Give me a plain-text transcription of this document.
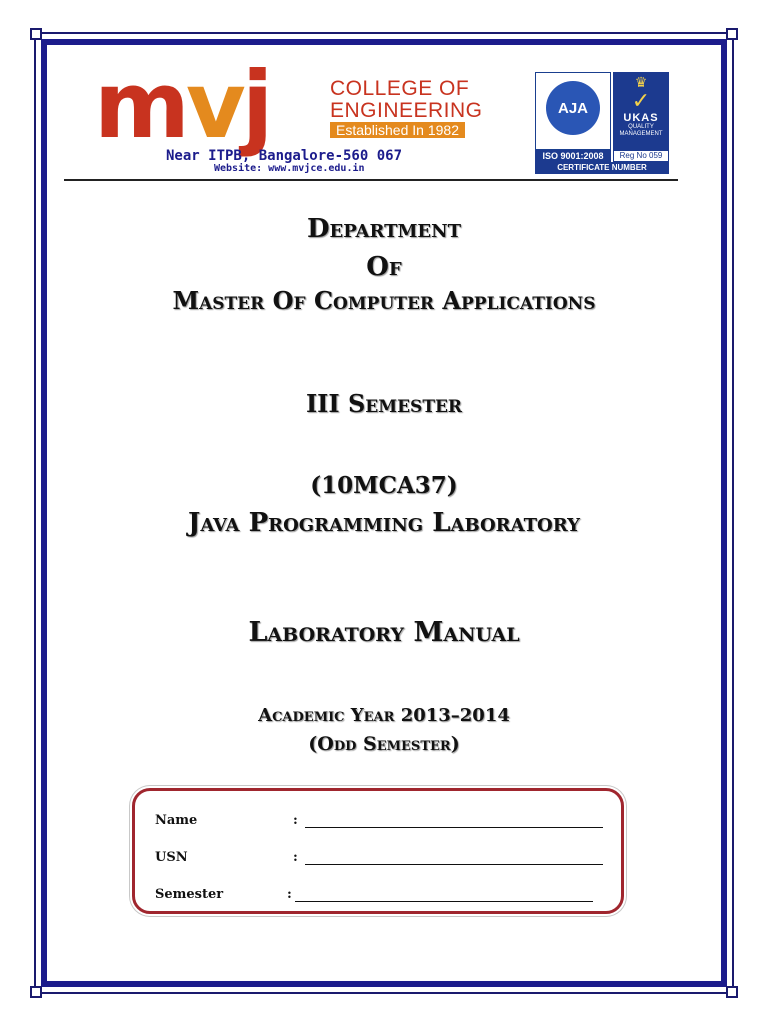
mvj	COLLEGE OF
ENGINEERING
Established In 1982
Near ITPB, Bangalore-560 067
Website: www.mvjce.edu.in
AJA
♛
✓
UKAS
QUALITY MANAGEMENT
ISO 9001:2008	Reg No 059
CERTIFICATE NUMBER
Department
Of
Master Of Computer Applications
III Semester
(10MCA37)
Java Programming Laboratory
Laboratory Manual
Academic Year 2013–2014
(Odd Semester)
Name	:
USN	:
Semester	:
